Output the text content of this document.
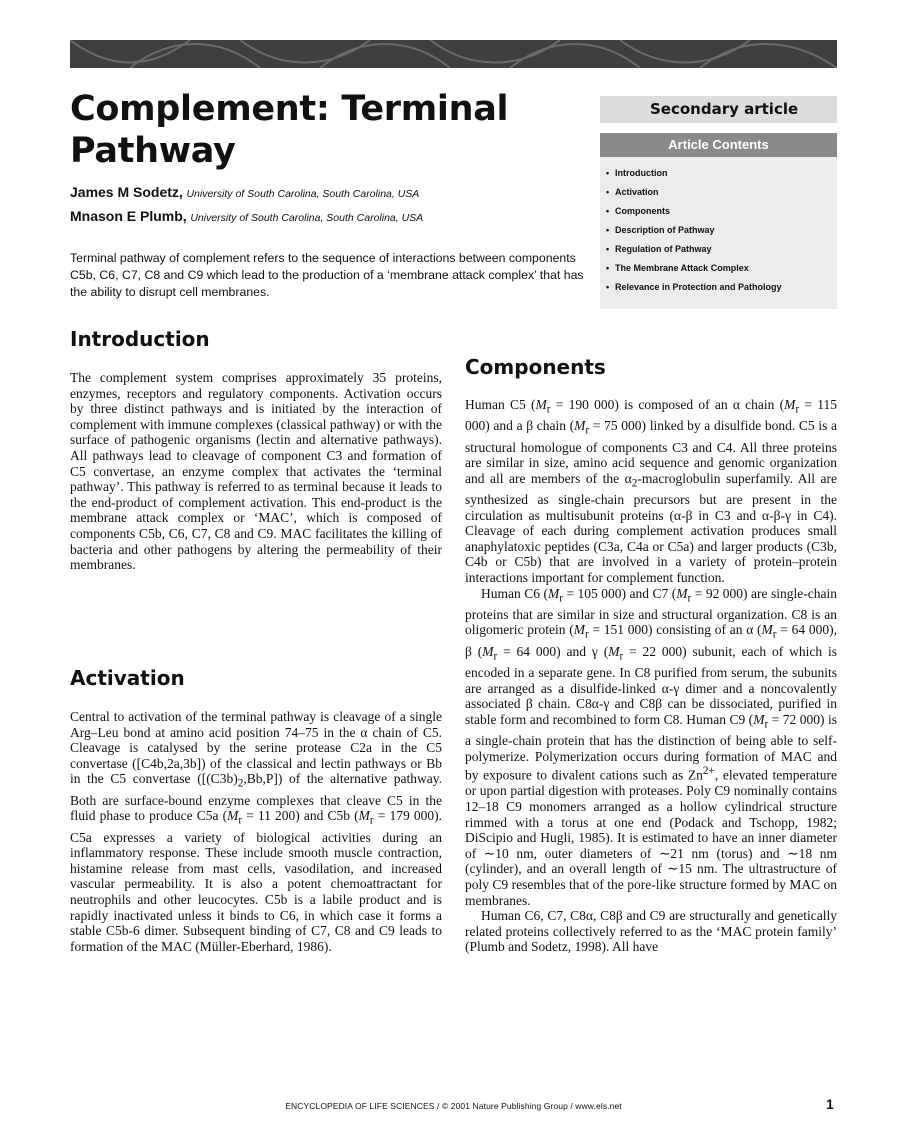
Complement: Terminal Pathway
James M Sodetz, University of South Carolina, South Carolina, USA
Mnason E Plumb, University of South Carolina, South Carolina, USA
Terminal pathway of complement refers to the sequence of interactions between components C5b, C6, C7, C8 and C9 which lead to the production of a ‘membrane attack complex’ that has the ability to disrupt cell membranes.
Secondary article
Article Contents
• Introduction
• Activation
• Components
• Description of Pathway
• Regulation of Pathway
• The Membrane Attack Complex
• Relevance in Protection and Pathology
Introduction

The complement system comprises approximately 35 proteins, enzymes, receptors and regulatory components. Activation occurs by three distinct pathways and is initiated by the interaction of complement with immune complexes (classical pathway) or with the surface of pathogenic organisms (lectin and alternative pathways). All pathways lead to cleavage of component C3 and formation of C5 convertase, an enzyme complex that activates the ‘terminal pathway’. This pathway is referred to as terminal because it leads to the end-product of complement activation. This end-product is the membrane attack complex or ‘MAC’, which is composed of components C5b, C6, C7, C8 and C9. MAC facilitates the killing of bacteria and other pathogens by altering the permeability of their membranes.

Activation

Central to activation of the terminal pathway is cleavage of a single Arg–Leu bond at amino acid position 74–75 in the α chain of C5. Cleavage is catalysed by the serine protease C2a in the C5 convertase ([C4b,2a,3b]) of the classical and lectin pathways or Bb in the C5 convertase $([(C3b)_2,Bb,P])$ of the alternative pathway. Both are surface-bound enzyme complexes that cleave C5 in the fluid phase to produce C5a ($M_r = 11$ 200) and C5b ($M_r = 179$ 000). C5a expresses a variety of biological activities during an inflammatory response. These include smooth muscle contraction, histamine release from mast cells, vasodilation, and increased vascular permeability. It is also a potent chemoattractant for neutrophils and other leucocytes. C5b is a labile product and is rapidly inactivated unless it binds to C6, in which case it forms a stable C5b-6 dimer. Subsequent binding of C7, C8 and C9 leads to formation of the MAC (Müller-Eberhard, 1986).

Components

Human C5 ($M_r = 190$ 000) is composed of an α chain ($M_r = 115$ 000) and a β chain ($M_r = 75$ 000) linked by a disulfide bond. C5 is a structural homologue of components C3 and C4. All three proteins are similar in size, amino acid sequence and genomic organization and all are members of the $\alpha_2$-macroglobulin superfamily. All are synthesized as single-chain precursors but are present in the circulation as multisubunit proteins (α-β in C3 and α-β-γ in C4). Cleavage of each during complement activation produces small anaphylatoxic peptides (C3a, C4a or C5a) and larger products (C3b, C4b or C5b) that are involved in a variety of protein–protein interactions important for complement function.

Human C6 ($M_r = 105$ 000) and C7 ($M_r = 92$ 000) are single-chain proteins that are similar in size and structural organization. C8 is an oligomeric protein ($M_r = 151$ 000) consisting of an α ($M_r = 64$ 000), β ($M_r = 64$ 000) and γ ($M_r = 22$ 000) subunit, each of which is encoded in a separate gene. In C8 purified from serum, the subunits are arranged as a disulfide-linked α-γ dimer and a noncovalently associated β chain. C8α-γ and C8β can be dissociated, purified in stable form and recombined to form C8. Human C9 ($M_r = 72$ 000) is a single-chain protein that has the distinction of being able to self-polymerize. Polymerization occurs during formation of MAC and by exposure to divalent cations such as $Zn^{2+}$, elevated temperature or upon partial digestion with proteases. Poly C9 nominally contains 12–18 C9 monomers arranged as a hollow cylindrical structure rimmed with a torus at one end (Podack and Tschopp, 1982; DiScipio and Hugli, 1985). It is estimated to have an inner diameter of ∼10 nm, outer diameters of ∼21 nm (torus) and ∼18 nm (cylinder), and an overall length of ∼15 nm. The ultrastructure of poly C9 resembles that of the pore-like structure formed by MAC on membranes.

Human C6, C7, C8α, C8β and C9 are structurally and genetically related proteins collectively referred to as the ‘MAC protein family’ (Plumb and Sodetz, 1998). All have

ENCYCLOPEDIA OF LIFE SCIENCES / © 2001 Nature Publishing Group / www.els.net	1
